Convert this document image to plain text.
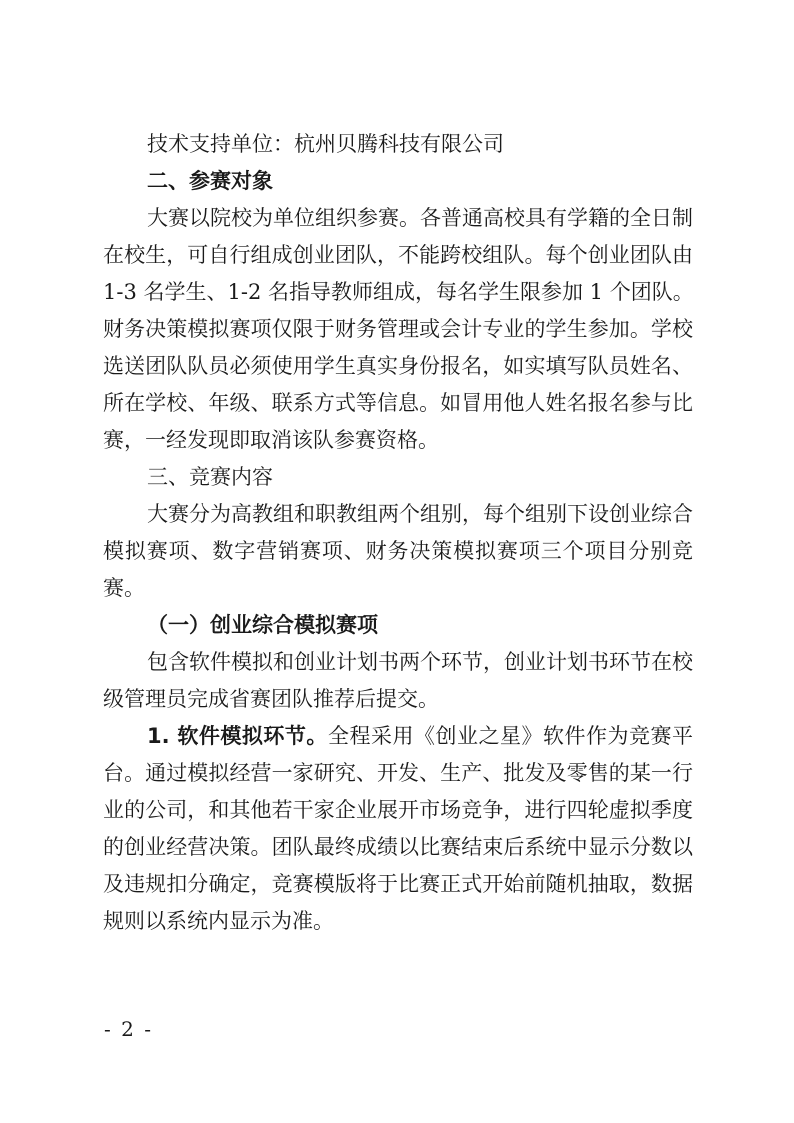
技术支持单位：杭州贝腾科技有限公司
二、参赛对象
大赛以院校为单位组织参赛。各普通高校具有学籍的全日制
在校生，可自行组成创业团队，不能跨校组队。每个创业团队由
1-3 名学生、1-2 名指导教师组成，每名学生限参加 1 个团队。
财务决策模拟赛项仅限于财务管理或会计专业的学生参加。学校
选送团队队员必须使用学生真实身份报名，如实填写队员姓名、
所在学校、年级、联系方式等信息。如冒用他人姓名报名参与比
赛，一经发现即取消该队参赛资格。
三、竞赛内容
大赛分为高教组和职教组两个组别，每个组别下设创业综合
模拟赛项、数字营销赛项、财务决策模拟赛项三个项目分别竞
赛。
（一）创业综合模拟赛项
包含软件模拟和创业计划书两个环节，创业计划书环节在校
级管理员完成省赛团队推荐后提交。
1. 软件模拟环节。全程采用《创业之星》软件作为竞赛平
台。通过模拟经营一家研究、开发、生产、批发及零售的某一行
业的公司，和其他若干家企业展开市场竞争，进行四轮虚拟季度
的创业经营决策。团队最终成绩以比赛结束后系统中显示分数以
及违规扣分确定，竞赛模版将于比赛正式开始前随机抽取，数据
规则以系统内显示为准。
- 2 -
